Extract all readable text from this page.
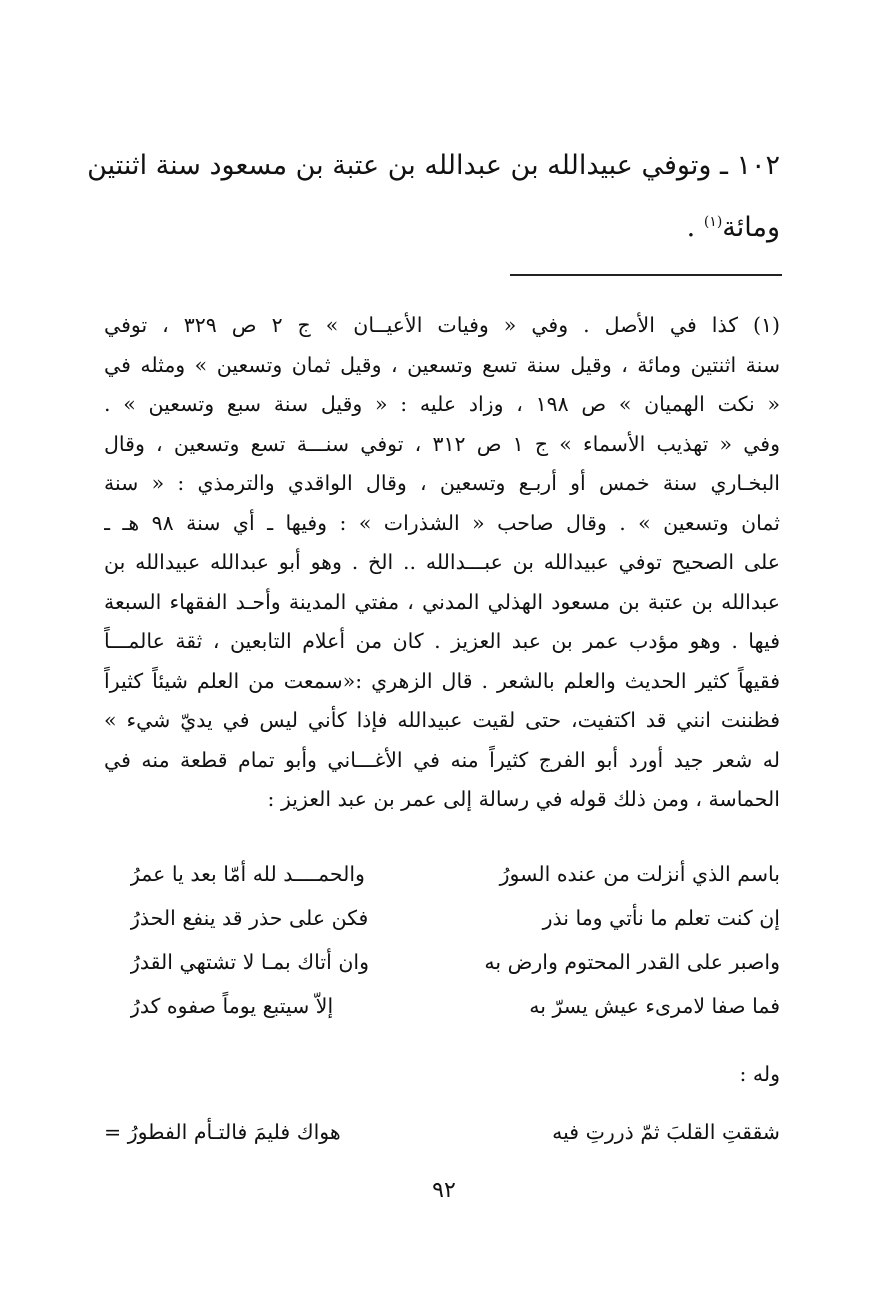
١٠٢ ـ وتوفي عبيدالله بن عبدالله بن عتبة بن مسعود سنة اثنتين
ومائة$^{(١)}$ .
(١) كذا في الأصل . وفي « وفيات الأعيــان » ج ٢ ص ٣٢٩ ، توفي
سنة اثنتين ومائة ، وقيل سنة تسع وتسعين ، وقيل ثمان وتسعين » ومثله في
« نكت الهميان » ص ١٩٨ ، وزاد عليه : « وقيل سنة سبع وتسعين » .
وفي « تهذيب الأسماء » ج ١ ص ٣١٢ ، توفي سنـــة تسع وتسعين ، وقال
البخـاري سنة خمس أو أربـع وتسعين ، وقال الواقدي والترمذي : « سنة
ثمان وتسعين » . وقال صاحب « الشذرات » : وفيها ـ أي سنة ٩٨ هـ ـ
على الصحيح توفي عبيدالله بن عبـــدالله .. الخ . وهو أبو عبدالله عبيدالله بن
عبدالله بن عتبة بن مسعود الهذلي المدني ، مفتي المدينة وأحـد الفقهاء السبعة
فيها . وهو مؤدب عمر بن عبد العزيز . كان من أعلام التابعين ، ثقة عالمـــاً
فقيهاً كثير الحديث والعلم بالشعر . قال الزهري :«سمعت من العلم شيئاً كثيراً
فظننت انني قد اكتفيت، حتى لقيت عبيدالله فإذا كأني ليس في يديّ شيء »
له شعر جيد أورد أبو الفرج كثيراً منه في الأغـــاني وأبو تمام قطعة منه في
الحماسة ، ومن ذلك قوله في رسالة إلى عمر بن عبد العزيز :
باسم الذي أنزلت من عنده السورُ
والحمــــد لله أمّا بعد يا عمرُ
إن كنت تعلم ما نأتي وما نذر
فكن على حذر قد ينفع الحذرُ
واصبر على القدر المحتوم وارض به
وان أتاك بمـا لا تشتهي القدرُ
فما صفا لامرىء عيش يسرّ به
إلاّ سيتبع يوماً صفوه كدرُ
وله :
شققتِ القلبَ ثمّ ذررتِ فيه
هواك فليمَ فالتـأم الفطورُ =
٩٢
